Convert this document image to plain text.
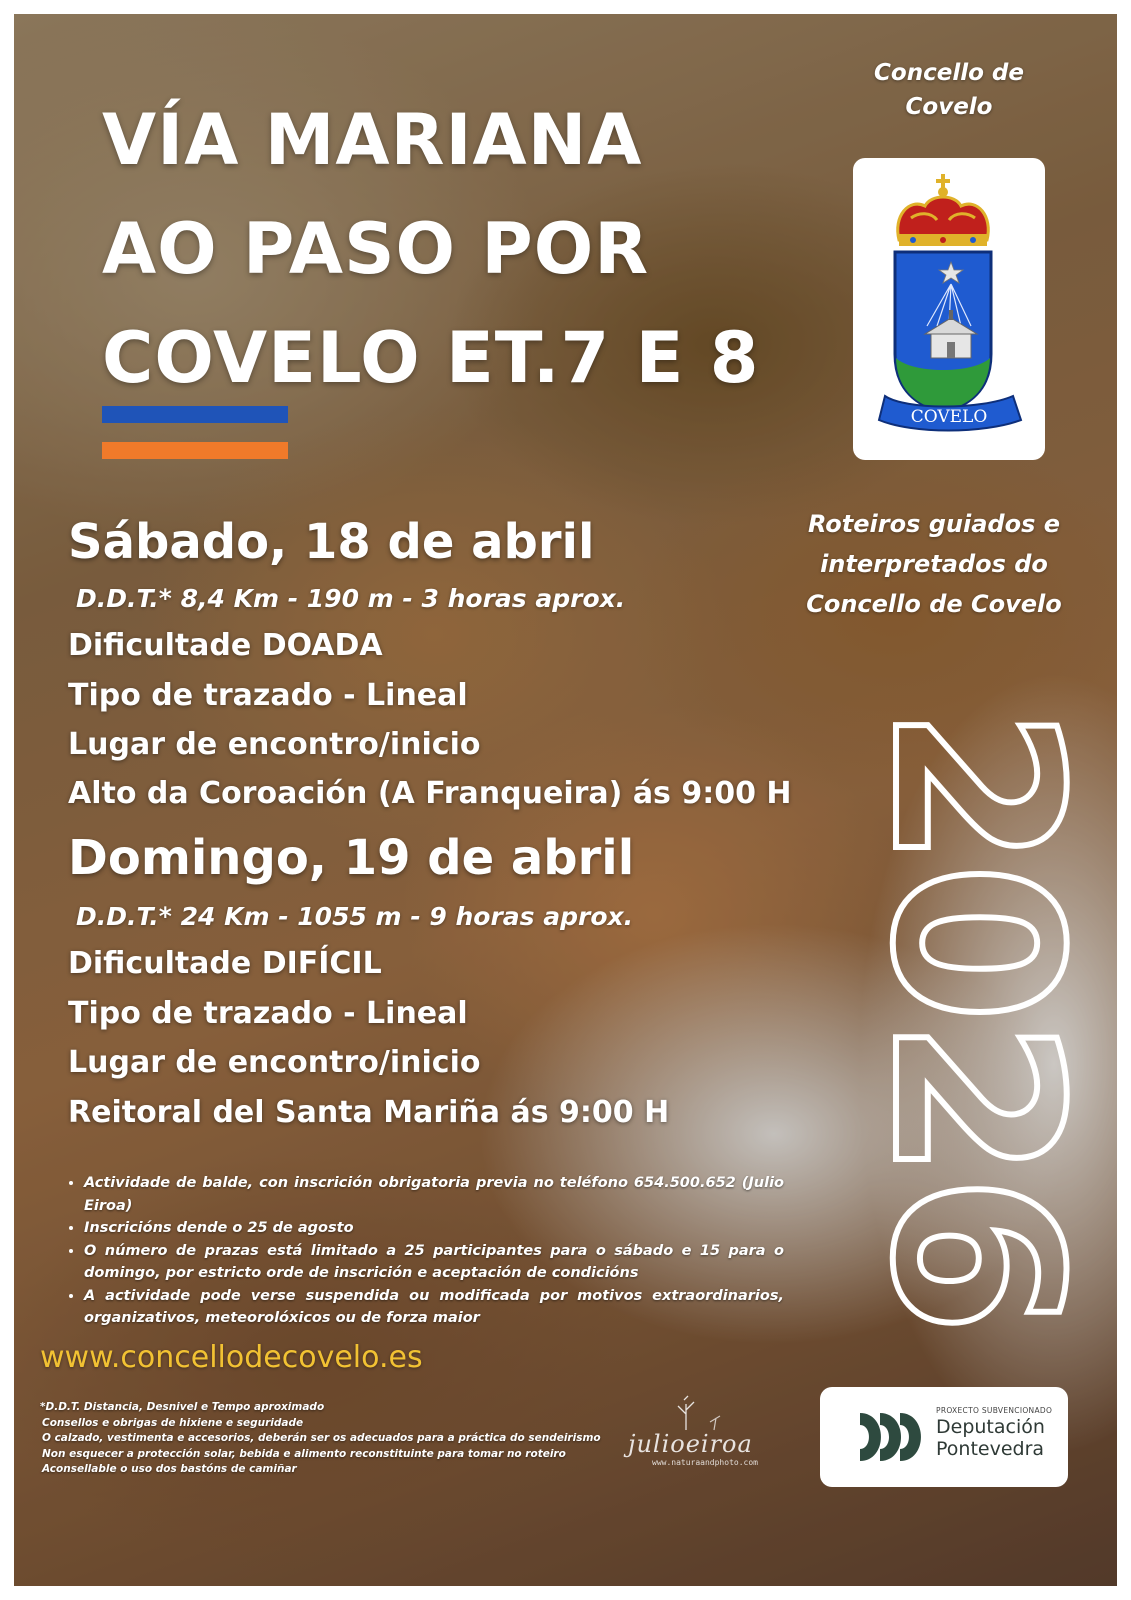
VÍA MARIANA
AO PASO POR
COVELO ET.7 E 8
Concello de
Covelo
COVELO
Roteiros guiados e
interpretados do
Concello de Covelo
2026
Sábado, 18 de abril
D.D.T.* 8,4 Km - 190 m - 3 horas aprox.
Dificultade DOADA
Tipo de trazado - Lineal
Lugar de encontro/inicio
Alto da Coroación (A Franqueira) ás 9:00 H
Domingo, 19 de abril
D.D.T.* 24 Km - 1055 m - 9 horas aprox.
Dificultade DIFÍCIL
Tipo de trazado - Lineal
Lugar de encontro/inicio
Reitoral del Santa Mariña ás 9:00 H
• Actividade de balde, con inscrición obrigatoria previa no teléfono 654.500.652 (Julio Eiroa)
• Inscricións dende o 25 de agosto
• O número de prazas está limitado a 25 participantes para o sábado e 15 para o domingo, por estricto orde de inscrición e aceptación de condicións
• A actividade pode verse suspendida ou modificada por motivos extraordinarios, organizativos, meteorolóxicos ou de forza maior
www.concellodecovelo.es
*D.D.T. Distancia, Desnivel e Tempo aproximado
Consellos e obrigas de hixiene e seguridade
O calzado, vestimenta e accesorios, deberán ser os adecuados para a práctica do sendeirismo
Non esquecer a protección solar, bebida e alimento reconstituinte para tomar no roteiro
Aconsellable o uso dos bastóns de camiñar
julioeiroa
www.naturaandphoto.com
PROXECTO SUBVENCIONADO
Deputación
Pontevedra
